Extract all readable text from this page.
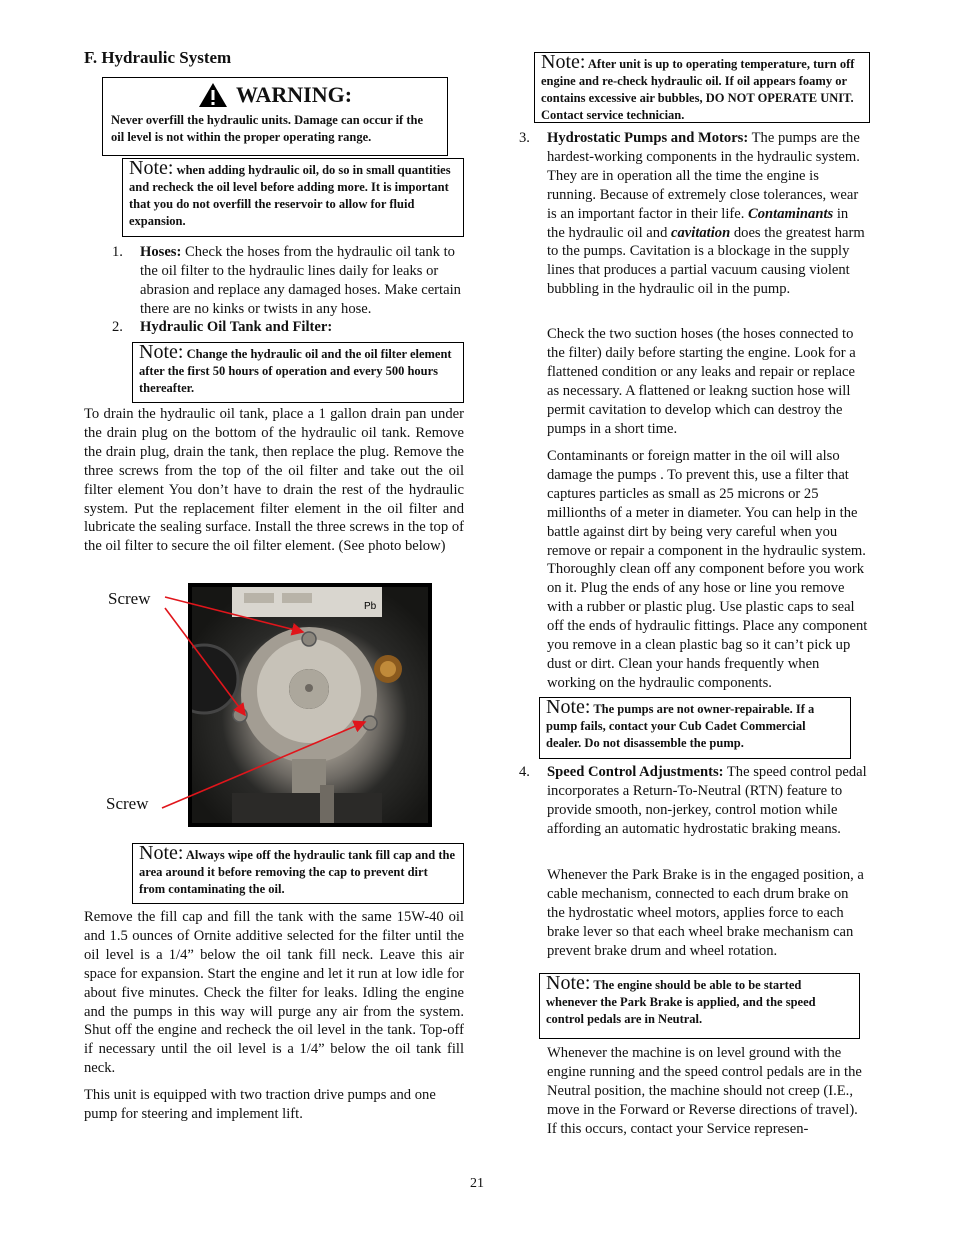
F. Hydraulic System
WARNING:
Never overfill the hydraulic units. Damage can occur if the oil level is not within the proper operating range.
Note: when adding hydraulic oil, do so in small quantities and recheck the oil level before adding more. It is important that you do not overfill the reservoir to allow for fluid expansion.
1. Hoses: Check the hoses from the hydraulic oil tank to the oil filter to the hydraulic lines daily for leaks or abrasion and replace any damaged hoses. Make certain there are no kinks or twists in any hose.
2. Hydraulic Oil Tank and Filter:
Note: Change the hydraulic oil and the oil filter element after the first 50 hours of operation and every 500 hours thereafter.
To drain the hydraulic oil tank, place a 1 gallon drain pan under the drain plug on the bottom of the hydraulic oil tank. Remove the drain plug, drain the tank, then replace the plug. Remove the three screws from the top of the oil filter and take out the oil filter element You don’t have to drain the rest of the hydraulic system. Put the replacement filter element in the oil filter and lubricate the sealing surface. Install the three screws in the top of the oil filter to secure the oil filter element. (See photo below)
Screw
Screw
Pb
Note: Always wipe off the hydraulic tank fill cap and the area around it before removing the cap to prevent dirt from contaminating the oil.
Remove the fill cap and fill the tank with the same 15W-40 oil and 1.5 ounces of Ornite additive selected for the filter until the oil level is a 1/4” below the oil tank fill neck. Leave this air space for expansion. Start the engine and let it run at low idle for about five minutes. Check the filter for leaks. Idling the engine and the pumps in this way will purge any air from the system. Shut off the engine and recheck the oil level in the tank. Top-off if necessary until the oil level is a 1/4” below the oil tank fill neck.
This unit is equipped with two traction drive pumps and one pump for steering and implement lift.
Note: After unit is up to operating temperature, turn off engine and re-check hydraulic oil. If oil appears foamy or contains excessive air bubbles, DO NOT OPERATE UNIT. Contact service technician.
3. Hydrostatic Pumps and Motors: The pumps are the hardest-working components in the hydraulic system. They are in operation all the time the engine is running. Because of extremely close tolerances, wear is an important factor in their life. Contaminants in the hydraulic oil and cavitation does the greatest harm to the pumps. Cavitation is a blockage in the supply lines that produces a partial vacuum causing violent bubbling in the hydraulic oil in the pump.
Check the two suction hoses (the hoses connected to the filter) daily before starting the engine. Look for a flattened condition or any leaks and repair or replace as necessary. A flattened or leakng suction hose will permit cavitation to develop which can destroy the pumps in a short time.
Contaminants or foreign matter in the oil will also damage the pumps . To prevent this, use a filter that captures particles as small as 25 microns or 25 millionths of a meter in diameter. You can help in the battle against dirt by being very careful when you remove or repair a component in the hydraulic system. Thoroughly clean off any component before you work on it. Plug the ends of any hose or line you remove with a rubber or plastic plug. Use plastic caps to seal off the ends of hydraulic fittings. Place any component you remove in a clean plastic bag so it can’t pick up dust or dirt. Clean your hands frequently when working on the hydraulic components.
Note: The pumps are not owner-repairable. If a pump fails, contact your Cub Cadet Commercial dealer. Do not disassemble the pump.
4. Speed Control Adjustments: The speed control pedal incorporates a Return-To-Neutral (RTN) feature to provide smooth, non-jerkey, control motion while affording an automatic hydrostatic braking means.
Whenever the Park Brake is in the engaged position, a cable mechanism, connected to each drum brake on the hydrostatic wheel motors, applies force to each brake lever so that each wheel brake mechanism can prevent brake drum and wheel rotation.
Note: The engine should be able to be started whenever the Park Brake is applied, and the speed control pedals are in Neutral.
Whenever the machine is on level ground with the engine running and the speed control pedals are in the Neutral position, the machine should not creep (I.E., move in the Forward or Reverse directions of travel). If this occurs, contact your Service represen-
21
